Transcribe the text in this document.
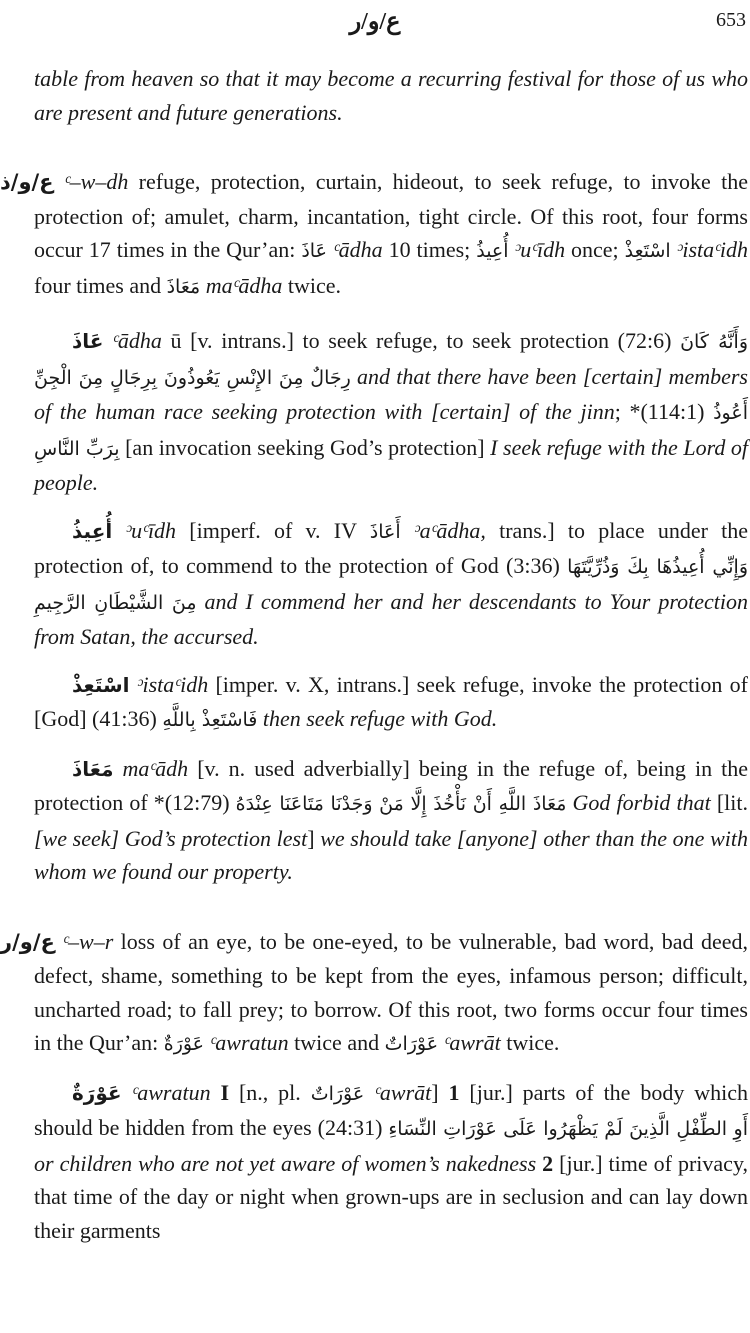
ع/و/ر	653

table from heaven so that it may become a recurring festival for those of us who are present and future generations.

ع/و/ذ ᶜ–w–dh refuge, protection, curtain, hideout, to seek refuge, to invoke the protection of; amulet, charm, incantation, tight circle. Of this root, four forms occur 17 times in the Qur’an: عَاذَ ᶜādha 10 times; أُعِيذُ ᵓuᶜīdh once; اسْتَعِذْ ᵓistaᶜidh four times and مَعَاذَ maᶜādha twice.

عَاذَ ᶜādha ū [v. intrans.] to seek refuge, to seek protection (72:6) وَأَنَّهُ كَانَ رِجَالٌ مِنَ الإِنْسِ يَعُوذُونَ بِرِجَالٍ مِنَ الْجِنِّ and that there have been [certain] members of the human race seeking protection with [certain] of the jinn; *(114:1) أَعُوذُ بِرَبِّ النَّاسِ [an invocation seeking God’s protection] I seek refuge with the Lord of people.

أُعِيذُ ᵓuᶜīdh [imperf. of v. IV أَعَاذَ ᵓaᶜādha, trans.] to place under the protection of, to commend to the protection of God (3:36) وَإِنِّي أُعِيذُهَا بِكَ وَذُرِّيَّتَهَا مِنَ الشَّيْطَانِ الرَّجِيمِ and I commend her and her descendants to Your protection from Satan, the accursed.

اسْتَعِذْ ᵓistaᶜidh [imper. v. X, intrans.] seek refuge, invoke the protection of [God] (41:36) فَاسْتَعِذْ بِاللَّهِ then seek refuge with God.

مَعَاذَ maᶜādh [v. n. used adverbially] being in the refuge of, being in the protection of *(12:79) مَعَاذَ اللَّهِ أَنْ نَأْخُذَ إِلَّا مَنْ وَجَدْنَا مَتَاعَنَا عِنْدَهُ God forbid that [lit. [we seek] God’s protection lest] we should take [anyone] other than the one with whom we found our property.

ع/و/ر ᶜ–w–r loss of an eye, to be one-eyed, to be vulnerable, bad word, bad deed, defect, shame, something to be kept from the eyes, infamous person; difficult, uncharted road; to fall prey; to borrow. Of this root, two forms occur four times in the Qur’an: عَوْرَةٌ ᶜawratun twice and عَوْرَاتٌ ᶜawrāt twice.

عَوْرَةٌ ᶜawratun I [n., pl. عَوْرَاتٌ ᶜawrāt] 1 [jur.] parts of the body which should be hidden from the eyes (24:31) أَوِ الطِّفْلِ الَّذِينَ لَمْ يَظْهَرُوا عَلَى عَوْرَاتِ النِّسَاءِ or children who are not yet aware of women’s nakedness 2 [jur.] time of privacy, that time of the day or night when grown-ups are in seclusion and can lay down their garments
